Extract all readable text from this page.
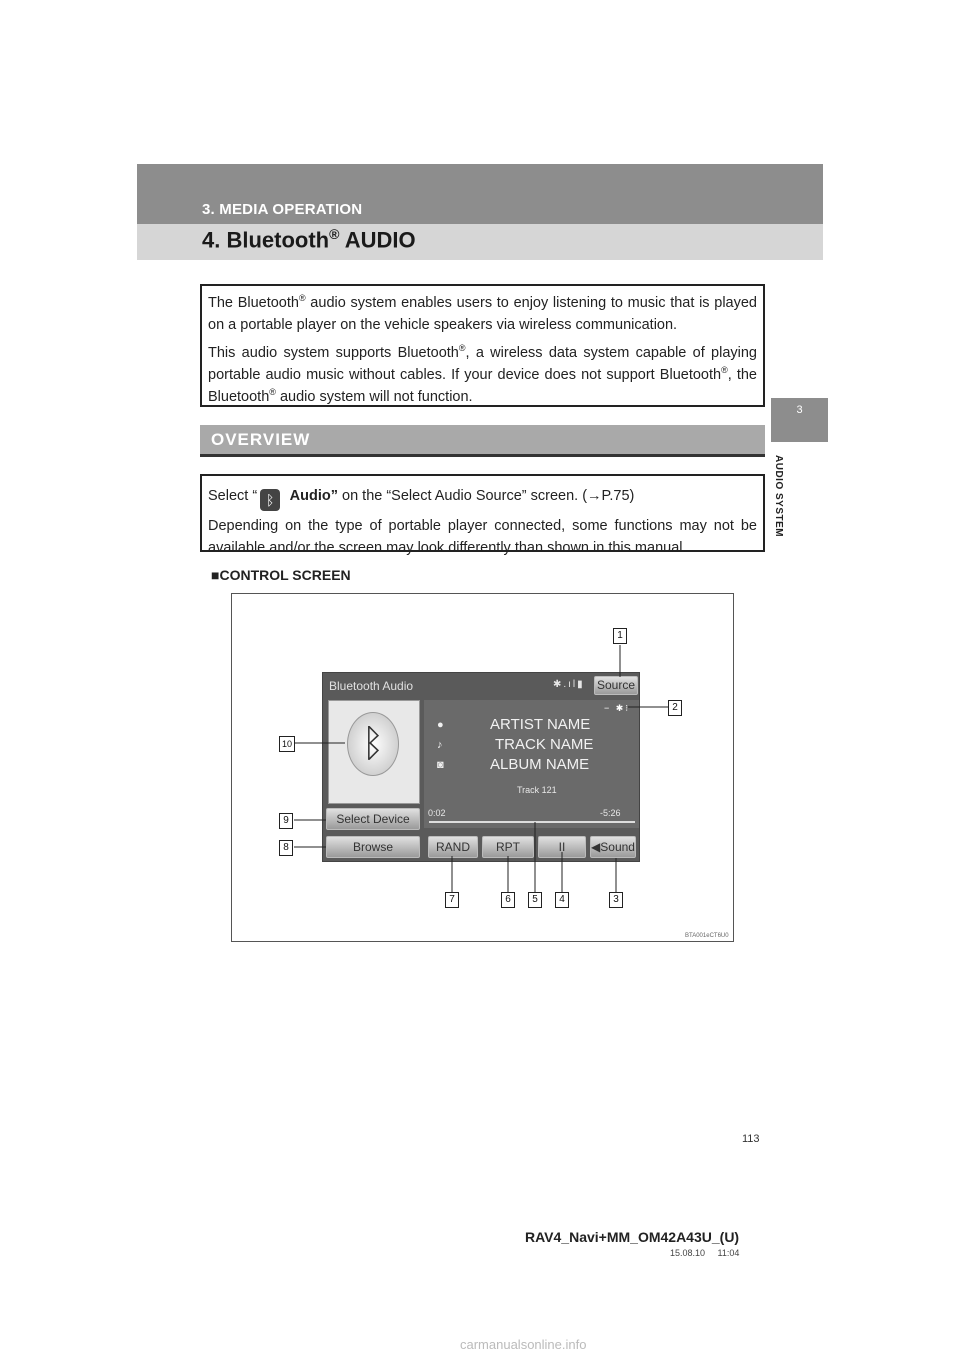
3. MEDIA OPERATION
4. Bluetooth® AUDIO
3
AUDIO SYSTEM

The Bluetooth® audio system enables users to enjoy listening to music that is played on a portable player on the vehicle speakers via wireless communication.

This audio system supports Bluetooth®, a wireless data system capable of playing portable audio music without cables. If your device does not support Bluetooth®, the Bluetooth® audio system will not function.

OVERVIEW

Select “ ᛒ Audio” on the “Select Audio Source” screen. (→P.75)

Depending on the type of portable player connected, some functions may not be available and/or the screen may look differently than shown in this manual.

■CONTROL SCREEN
Bluetooth Audio	✱.ıl▮ Source
ᛒ
− ✱⁝
●
♪
◙
ARTIST NAME
TRACK NAME
ALBUM NAME
Track 121
0:02	-5:26
Select Device
Browse	RAND	RPT	II	◀Sound
1
2
3
4
5
6
7
8
9
10
BTA001eCT6U0
113
RAV4_Navi+MM_OM42A43U_(U)
15.08.10     11:04
carmanualsonline.info
